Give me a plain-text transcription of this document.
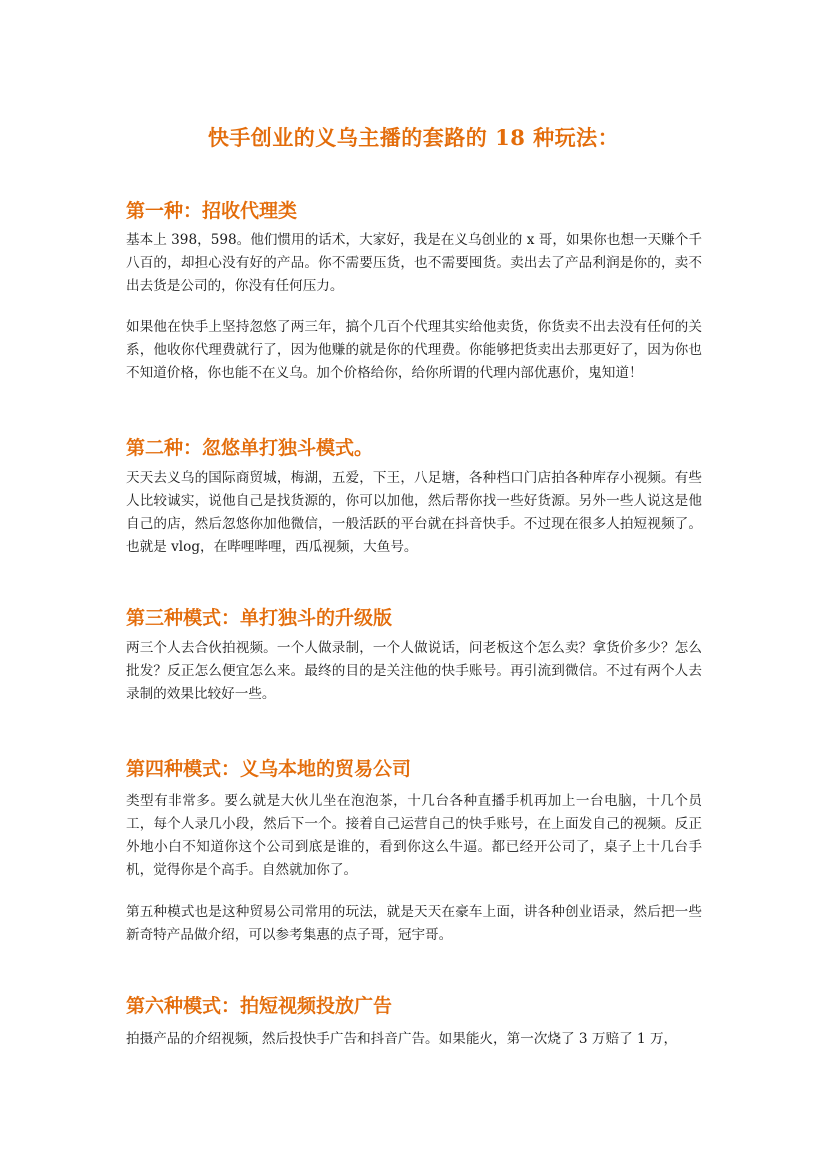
快手创业的义乌主播的套路的 18 种玩法：
第一种：招收代理类

基本上 398，598。他们惯用的话术，大家好，我是在义乌创业的 x 哥，如果你也想一天赚个千八百的，却担心没有好的产品。你不需要压货，也不需要囤货。卖出去了产品利润是你的，卖不出去货是公司的，你没有任何压力。

如果他在快手上坚持忽悠了两三年，搞个几百个代理其实给他卖货，你货卖不出去没有任何的关系，他收你代理费就行了，因为他赚的就是你的代理费。你能够把货卖出去那更好了，因为你也不知道价格，你也能不在义乌。加个价格给你，给你所谓的代理内部优惠价，鬼知道！

第二种：忽悠单打独斗模式。

天天去义乌的国际商贸城，梅湖，五爱，下王，八足塘，各种档口门店拍各种库存小视频。有些人比较诚实，说他自己是找货源的，你可以加他，然后帮你找一些好货源。另外一些人说这是他自己的店，然后忽悠你加他微信，一般活跃的平台就在抖音快手。不过现在很多人拍短视频了。也就是 vlog，在哔哩哔哩，西瓜视频，大鱼号。

第三种模式：单打独斗的升级版

两三个人去合伙拍视频。一个人做录制，一个人做说话，问老板这个怎么卖？拿货价多少？怎么批发？反正怎么便宜怎么来。最终的目的是关注他的快手账号。再引流到微信。不过有两个人去录制的效果比较好一些。

第四种模式：义乌本地的贸易公司

类型有非常多。要么就是大伙儿坐在泡泡茶，十几台各种直播手机再加上一台电脑，十几个员工，每个人录几小段，然后下一个。接着自己运营自己的快手账号，在上面发自己的视频。反正外地小白不知道你这个公司到底是谁的，看到你这么牛逼。都已经开公司了，桌子上十几台手机，觉得你是个高手。自然就加你了。

第五种模式也是这种贸易公司常用的玩法，就是天天在豪车上面，讲各种创业语录，然后把一些新奇特产品做介绍，可以参考集惠的点子哥，冠宇哥。

第六种模式：拍短视频投放广告

拍摄产品的介绍视频，然后投快手广告和抖音广告。如果能火，第一次烧了 3 万赔了 1 万，
